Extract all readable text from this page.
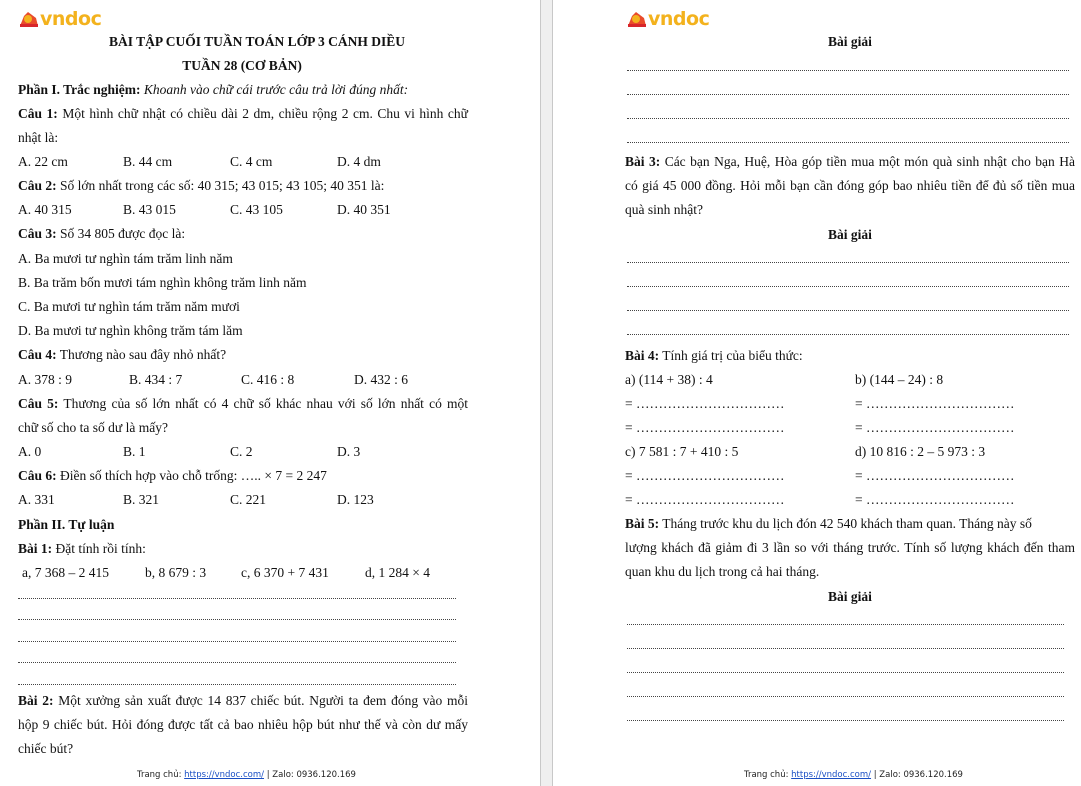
vndoc
BÀI TẬP CUỐI TUẦN TOÁN LỚP 3 CÁNH DIỀU
TUẦN 28 (CƠ BẢN)
Phần I. Trắc nghiệm: Khoanh vào chữ cái trước câu trả lời đúng nhất:
Câu 1: Một hình chữ nhật có chiều dài 2 dm, chiều rộng 2 cm. Chu vi hình chữ
nhật là:
A. 22 cm	B. 44 cm	C. 4 cm	D. 4 dm
Câu 2: Số lớn nhất trong các số: 40 315; 43 015; 43 105; 40 351 là:
A. 40 315	B. 43 015	C. 43 105	D. 40 351
Câu 3: Số 34 805 được đọc là:
A. Ba mươi tư nghìn tám trăm linh năm
B. Ba trăm bốn mươi tám nghìn không trăm linh năm
C. Ba mươi tư nghìn tám trăm năm mươi
D. Ba mươi tư nghìn không trăm tám lăm
Câu 4: Thương nào sau đây nhỏ nhất?
A. 378 : 9	B. 434 : 7	C. 416 : 8	D. 432 : 6
Câu 5: Thương của số lớn nhất có 4 chữ số khác nhau với số lớn nhất có một
chữ số cho ta số dư là mấy?
A. 0	B. 1	C. 2	D. 3
Câu 6: Điền số thích hợp vào chỗ trống: ….. × 7 = 2 247
A. 331	B. 321	C. 221	D. 123
Phần II. Tự luận
Bài 1: Đặt tính rồi tính:
a, 7 368 – 2 415	b, 8 679 : 3	c, 6 370 + 7 431	d, 1 284 × 4
Bài 2: Một xưởng sản xuất được 14 837 chiếc bút. Người ta đem đóng vào mỗi
hộp 9 chiếc bút. Hỏi đóng được tất cả bao nhiêu hộp bút như thế và còn dư mấy
chiếc bút?
Trang chủ: https://vndoc.com/ | Zalo: 0936.120.169
vndoc
Bài giải
Bài 3: Các bạn Nga, Huệ, Hòa góp tiền mua một món quà sinh nhật cho bạn Hà
có giá 45 000 đồng. Hỏi mỗi bạn cần đóng góp bao nhiêu tiền để đủ số tiền mua
quà sinh nhật?
Bài giải
Bài 4: Tính giá trị của biểu thức:
a) (114 + 38) : 4	b) (144 – 24) : 8
= ……………………………	= ……………………………
= ……………………………	= ……………………………
c) 7 581 : 7 + 410 : 5	d) 10 816 : 2 – 5 973 : 3
= ……………………………	= ……………………………
= ……………………………	= ……………………………
Bài 5: Tháng trước khu du lịch đón 42 540 khách tham quan. Tháng này số
lượng khách đã giảm đi 3 lần so với tháng trước. Tính số lượng khách đến tham
quan khu du lịch trong cả hai tháng.
Bài giải
Trang chủ: https://vndoc.com/ | Zalo: 0936.120.169
